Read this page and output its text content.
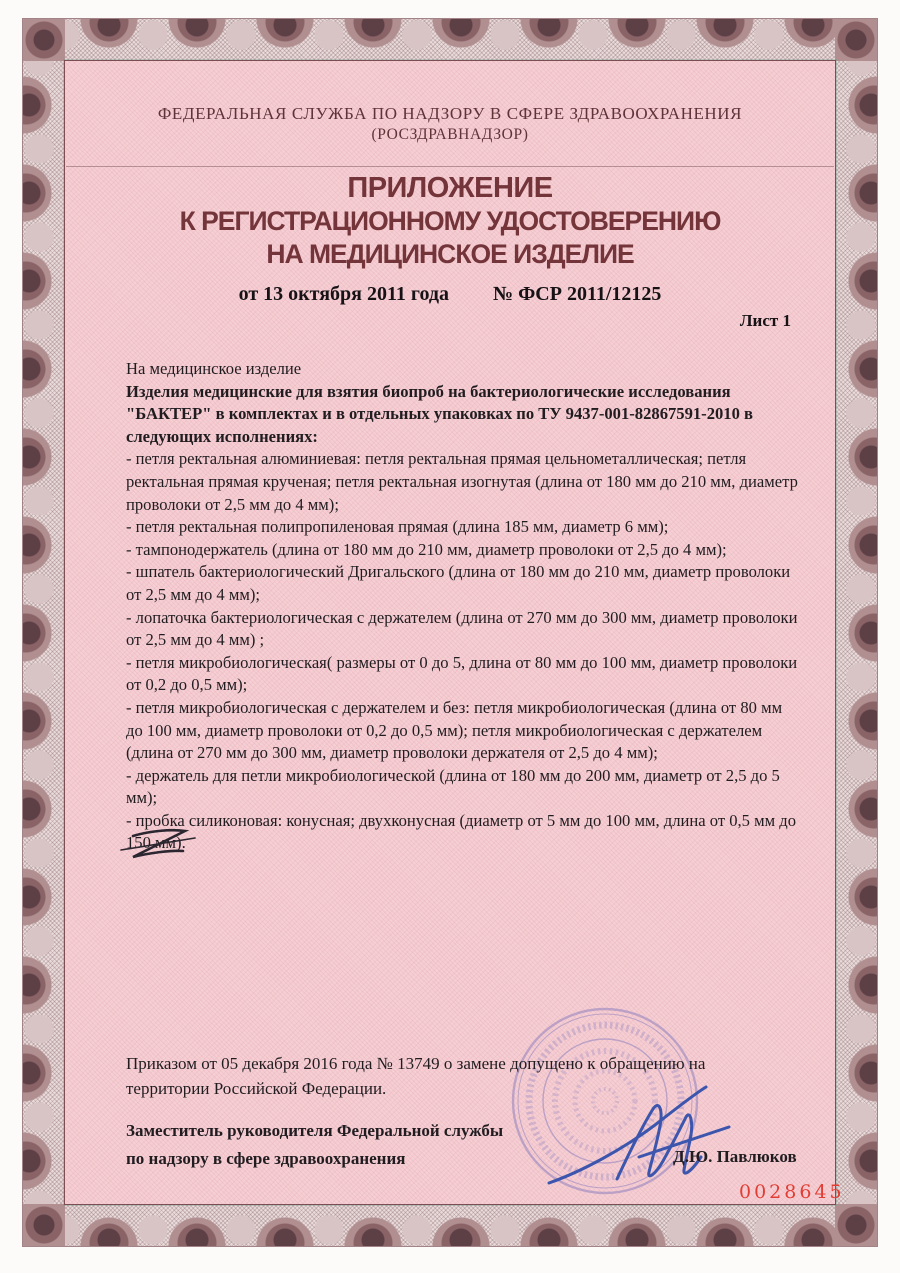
ФЕДЕРАЛЬНАЯ СЛУЖБА ПО НАДЗОРУ В СФЕРЕ ЗДРАВООХРАНЕНИЯ
(РОСЗДРАВНАДЗОР)
ПРИЛОЖЕНИЕ
К РЕГИСТРАЦИОННОМУ УДОСТОВЕРЕНИЮ
НА МЕДИЦИНСКОЕ ИЗДЕЛИЕ
от 13 октября 2011 года № ФСР 2011/12125
Лист 1

На медицинское изделие

Изделия медицинские для взятия биопроб на бактериологические исследования "БАКТЕР" в комплектах и в отдельных упаковках по ТУ 9437-001-82867591-2010 в следующих исполнениях:

- петля ректальная алюминиевая: петля ректальная прямая цельнометаллическая; петля ректальная прямая крученая; петля ректальная изогнутая (длина от 180 мм до 210 мм, диаметр проволоки от 2,5 мм до 4 мм);

- петля ректальная полипропиленовая прямая (длина 185 мм, диаметр 6 мм);

- тампонодержатель (длина от 180 мм до 210 мм, диаметр проволоки от 2,5 до 4 мм);

- шпатель бактериологический Дригальского (длина от 180 мм до 210 мм, диаметр проволоки от 2,5 мм до 4 мм);

- лопаточка бактериологическая с держателем (длина от 270 мм до 300 мм, диаметр проволоки от 2,5 мм до 4 мм) ;

- петля микробиологическая( размеры от 0 до 5, длина от 80 мм до 100 мм, диаметр проволоки от 0,2 до 0,5 мм);

- петля микробиологическая с держателем и без: петля микробиологическая (длина от 80 мм до 100 мм, диаметр проволоки от 0,2 до 0,5 мм); петля микробиологическая с держателем (длина от 270 мм до 300 мм, диаметр проволоки держателя от 2,5 до 4 мм);

- держатель для петли микробиологической (длина от 180 мм до 200 мм, диаметр от 2,5 до 5 мм);

- пробка силиконовая: конусная; двухконусная (диаметр от 5 мм до 100 мм, длина от 0,5 мм до 150 мм).

Приказом от 05 декабря 2016 года № 13749 о замене допущено к обращению на территории Российской Федерации.
Заместитель руководителя Федеральной службы
по надзору в сфере здравоохранения	Д.Ю. Павлюков
0028645
